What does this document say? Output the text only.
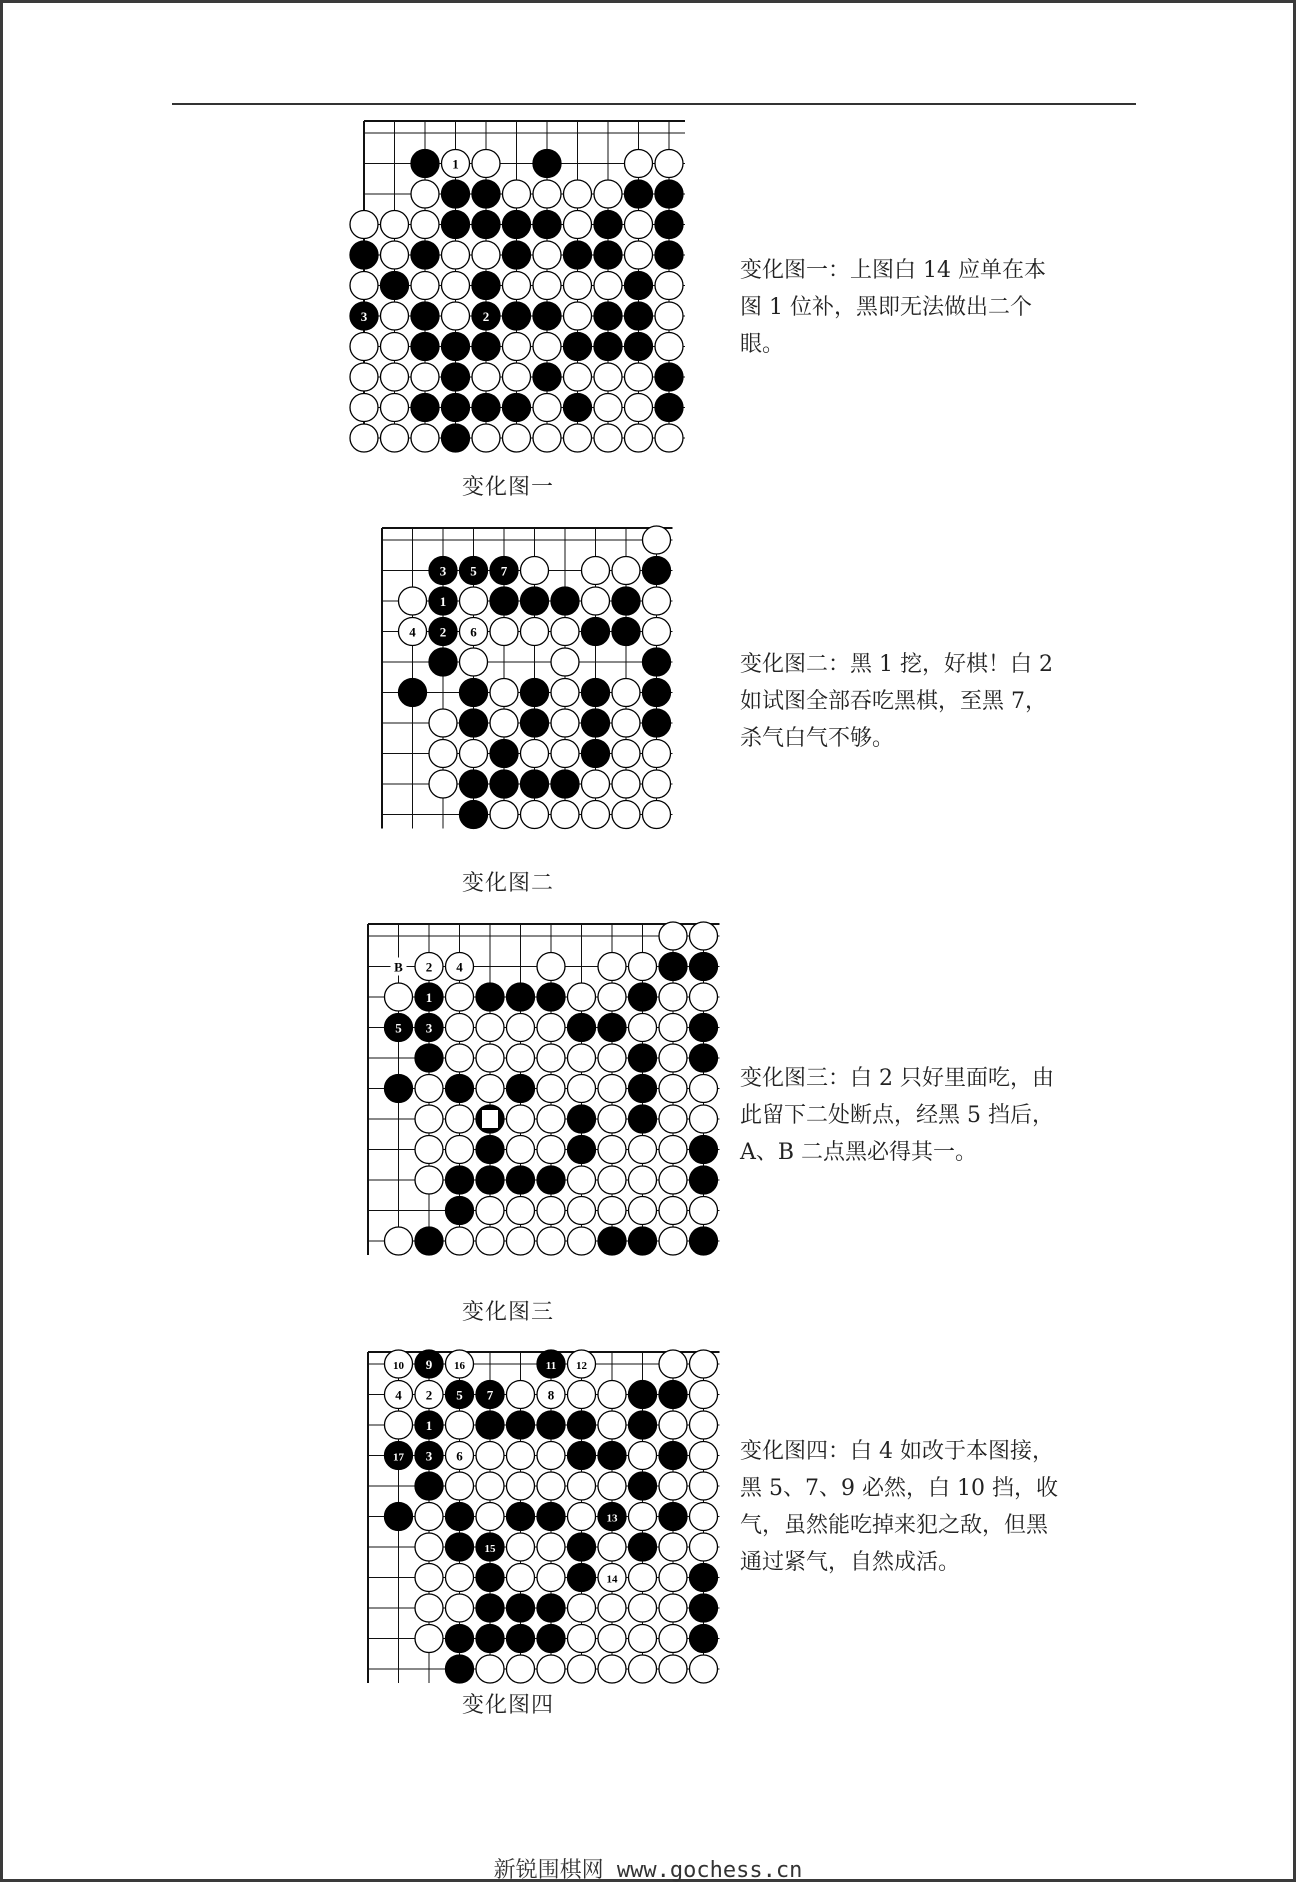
1
3	2
变化图一
变化图一：上图白 14 应单在本图 1 位补，黑即无法做出二个眼。
3 5 7
1
4 2 6
变化图二
变化图二：黑 1 挖，好棋！白 2 如试图全部吞吃黑棋，至黑 7，杀气白气不够。
B 2 4
1
5 3
A
变化图三
变化图三：白 2 只好里面吃，由此留下二处断点，经黑 5 挡后，A、B 二点黑必得其一。
10 9 16	11 12
4 2 5 7	8
1
17 3 6
13
15
14
变化图四
变化图四：白 4 如改于本图接，黑 5、7、9 必然，白 10 挡，收气，虽然能吃掉来犯之敌，但黑通过紧气，自然成活。
新锐围棋网 www.gochess.cn
